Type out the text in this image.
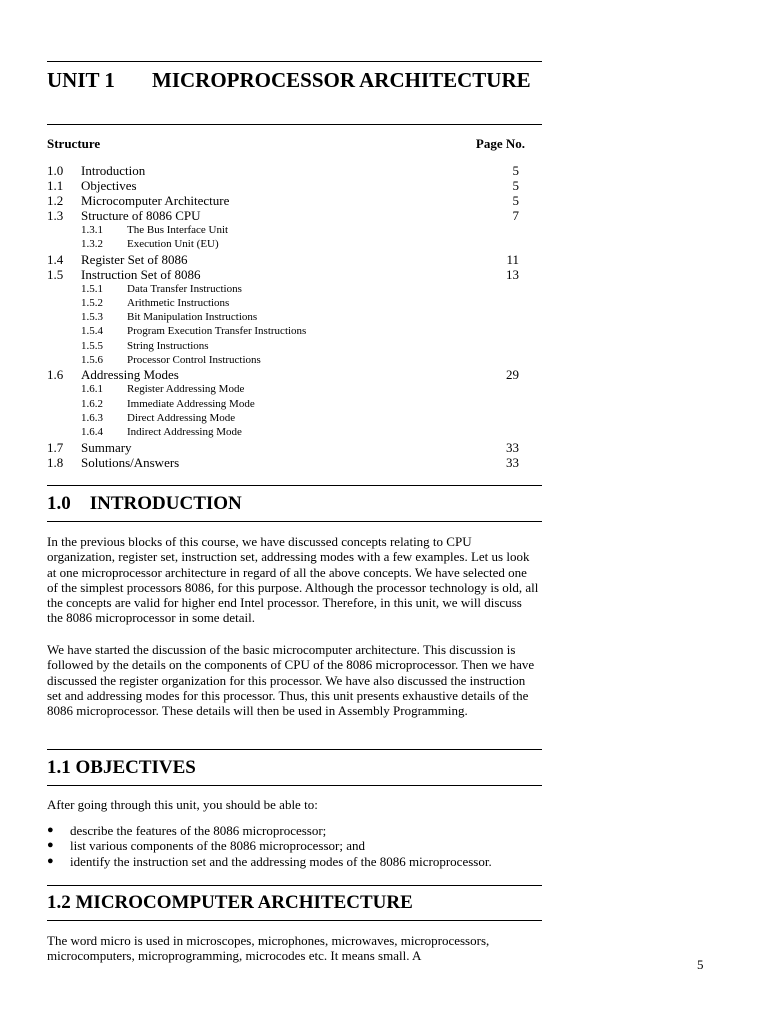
UNIT 1 MICROPROCESSOR ARCHITECTURE
Structure	Page No.
1.0 Introduction	5
1.1 Objectives	5
1.2 Microcomputer Architecture	5
1.3 Structure of 8086 CPU	7
1.3.1 The Bus Interface Unit
1.3.2 Execution Unit (EU)
1.4 Register Set of 8086	11
1.5 Instruction Set of 8086	13
1.5.1 Data Transfer Instructions
1.5.2 Arithmetic Instructions
1.5.3 Bit Manipulation Instructions
1.5.4 Program Execution Transfer Instructions
1.5.5 String Instructions
1.5.6 Processor Control Instructions
1.6 Addressing Modes	29
1.6.1 Register Addressing Mode
1.6.2 Immediate Addressing Mode
1.6.3 Direct Addressing Mode
1.6.4 Indirect Addressing Mode
1.7 Summary	33
1.8 Solutions/Answers	33
1.0    INTRODUCTION

In the previous blocks of this course, we have discussed concepts relating to CPU organization, register set, instruction set, addressing modes with a few examples. Let us look at one microprocessor architecture in regard of all the above concepts. We have selected one of the simplest processors 8086, for this purpose. Although the processor technology is old, all the concepts are valid for higher end Intel processor. Therefore, in this unit, we will discuss the 8086 microprocessor in some detail.

We have started the discussion of the basic microcomputer architecture. This discussion is followed by the details on the components of CPU of the 8086 microprocessor. Then we have discussed the register organization for this processor. We have also discussed the instruction set and addressing modes for this processor. Thus, this unit presents exhaustive details of the 8086 microprocessor. These details will then be used in Assembly Programming.

1.1 OBJECTIVES

After going through this unit, you should be able to:

● describe the features of the 8086 microprocessor;
● list various components of the 8086 microprocessor; and
● identify the instruction set and the addressing modes of the 8086 microprocessor.
1.2 MICROCOMPUTER ARCHITECTURE

The word micro is used in microscopes, microphones, microwaves, microprocessors, microcomputers, microprogramming, microcodes etc. It means small. A

5
